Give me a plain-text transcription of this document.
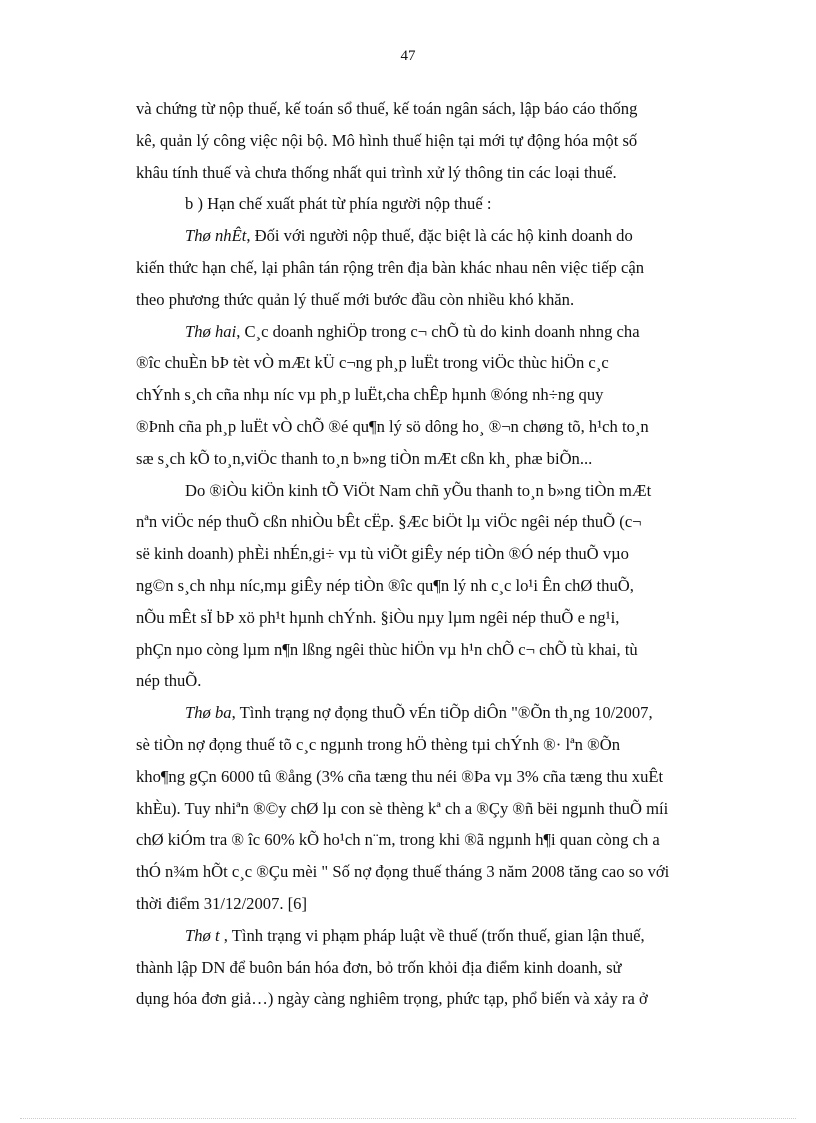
47
và chứng từ nộp thuế, kế toán sổ thuế, kế toán ngân sách, lập báo cáo thống
kê, quản lý công việc nội bộ. Mô hình thuế hiện tại mới tự động hóa một số
khâu tính thuế và chưa thống nhất qui trình xử lý thông tin các loại thuế.
b ) Hạn chế xuất phát từ phía người nộp thuế :
Thø nhÊt, Đối với người nộp thuế, đặc biệt là các hộ kinh doanh do
kiến thức hạn chế, lại phân tán rộng trên địa bàn khác nhau nên việc tiếp cận
theo phương thức quản lý thuế mới bước đầu còn nhiều khó khăn.
Thø hai, C¸c doanh nghiÖp trong c¬ chÕ tù do kinh doanh nhng cha
®îc chuÈn bÞ tèt vÒ mÆt kÜ c¬ng ph¸p luËt trong viÖc thùc hiÖn c¸c
chÝnh s¸ch cña nhµ níc vµ ph¸p luËt,cha chÊp hµnh ®óng nh÷ng quy
®Þnh cña ph¸p luËt vÒ chÕ ®é qu¶n lý sö dông ho¸ ®¬n chøng tõ, h¹ch to¸n
sæ s¸ch kÕ to¸n,viÖc thanh to¸n b»ng tiÒn mÆt cßn kh¸ phæ biÕn...
Do ®iÒu kiÖn kinh tÕ ViÖt Nam chñ yÕu thanh to¸n b»ng tiÒn mÆt
nªn viÖc nép thuÕ cßn nhiÒu bÊt cËp. §Æc biÖt lµ viÖc ngêi nép thuÕ (c¬
së kinh doanh) phÈi nhÉn,gi÷ vµ tù viÕt giÊy nép tiÒn ®Ó nép thuÕ vµo
ng©n s¸ch nhµ níc,mµ giÊy nép tiÒn ®îc qu¶n lý nh c¸c lo¹i Ên chØ thuÕ,
nÕu mÊt sÏ bÞ xö ph¹t hµnh chÝnh. §iÒu nµy lµm ngêi nép thuÕ e ng¹i,
phÇn nµo còng lµm n¶n lßng ngêi thùc hiÖn vµ h¹n chÕ c¬ chÕ tù khai, tù
nép thuÕ.
Thø ba, Tình trạng nợ đọng thuÕ vÉn tiÕp diÔn "®Õn th¸ng 10/2007,
sè tiÒn nợ đọng thuế tõ c¸c ngµnh trong hÖ thèng tµi chÝnh ®· lªn ®Õn
kho¶ng gÇn 6000 tû ®ång (3% cña tæng thu néi ®Þa vµ 3% cña tæng thu xuÊt
khÈu). Tuy nhiªn ®©y chØ lµ con sè thèng kª ch a ®Çy ®ñ bëi ngµnh thuÕ míi
chØ kiÓm tra ® îc 60% kÕ ho¹ch n¨m, trong khi ®ã ngµnh h¶i quan còng ch a
thÓ n¾m hÕt c¸c ®Çu mèi " Số nợ đọng thuế tháng 3 năm 2008 tăng cao so với
thời điểm 31/12/2007. [6]
Thø t , Tình trạng vi phạm pháp luật về thuế (trốn thuế, gian lận thuế,
thành lập DN để buôn bán hóa đơn, bỏ trốn khỏi địa điểm kinh doanh, sử
dụng hóa đơn giả…) ngày càng nghiêm trọng, phức tạp, phổ biến và xảy ra ở
